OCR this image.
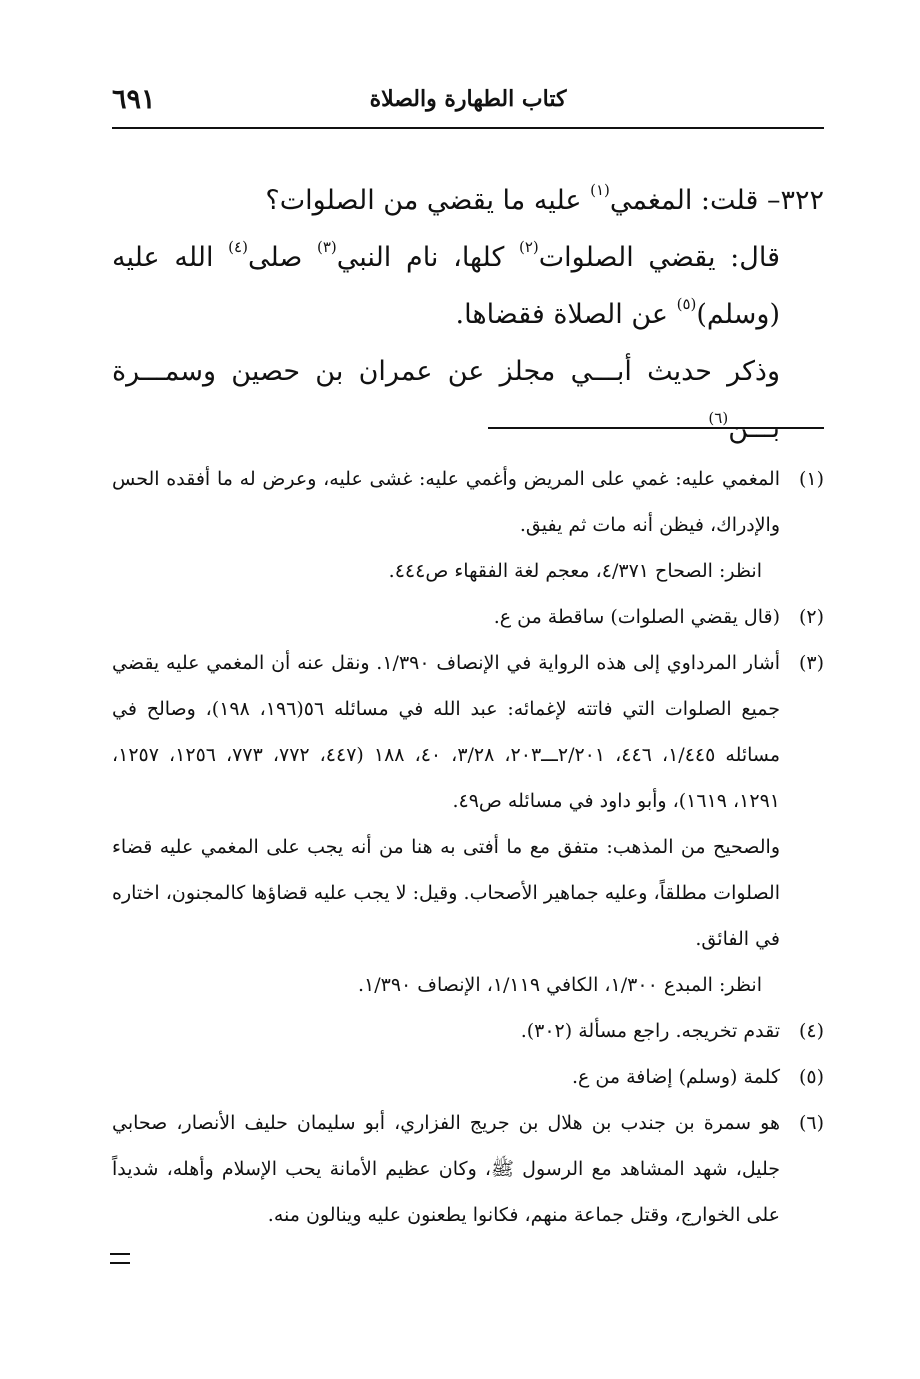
٦٩١	كتاب الطهارة والصلاة

٣٢٢– قلت: المغمي$^{(١)}$ عليه ما يقضي من الصلوات؟

قال: يقضي الصلوات$^{(٢)}$ كلها، نام النبي$^{(٣)}$ صلى$^{(٤)}$ الله عليه (وسلم)$^{(٥)}$ عن الصلاة فقضاها.

وذكر حديث أبـــي مجلز عن عمران بن حصين وسمـــرة بـــن$^{(٦)}$

(١)

المغمي عليه: غمي على المريض وأغمي عليه: غشى عليه، وعرض له ما أفقده الحس والإدراك، فيظن أنه مات ثم يفيق.

انظر: الصحاح ٤/٣٧١، معجم لغة الفقهاء ص٤٤٤.

(٢)

(قال يقضي الصلوات) ساقطة من ع.

(٣)

أشار المرداوي إلى هذه الرواية في الإنصاف ١/٣٩٠. ونقل عنه أن المغمي عليه يقضي جميع الصلوات التي فاتته لإغمائه: عبد الله في مسائله ٥٦(١٩٦، ١٩٨)، وصالح في مسائله ١/٤٤٥، ٤٤٦، ٢/٢٠١ـــ٢٠٣، ٣/٢٨، ٤٠، ١٨٨ (٤٤٧، ٧٧٢، ٧٧٣، ١٢٥٦، ١٢٥٧، ١٢٩١، ١٦١٩)، وأبو داود في مسائله ص٤٩.

والصحيح من المذهب: متفق مع ما أفتى به هنا من أنه يجب على المغمي عليه قضاء الصلوات مطلقاً، وعليه جماهير الأصحاب. وقيل: لا يجب عليه قضاؤها كالمجنون، اختاره في الفائق.

انظر: المبدع ١/٣٠٠، الكافي ١/١١٩، الإنصاف ١/٣٩٠.

(٤)

تقدم تخريجه. راجع مسألة (٣٠٢).

(٥)

كلمة (وسلم) إضافة من ع.

(٦)

هو سمرة بن جندب بن هلال بن جريج الفزاري، أبو سليمان حليف الأنصار، صحابي جليل، شهد المشاهد مع الرسول ﷺ، وكان عظيم الأمانة يحب الإسلام وأهله، شديداً على الخوارج، وقتل جماعة منهم، فكانوا يطعنون عليه وينالون منه.
